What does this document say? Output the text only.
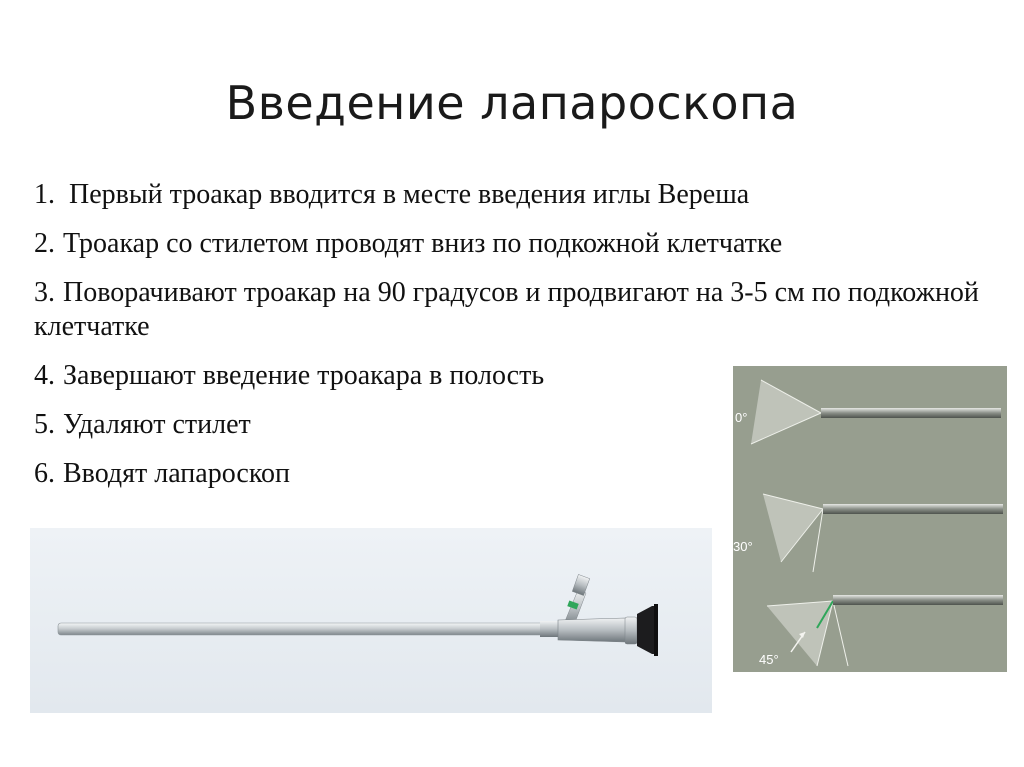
Введение лапароскопа
1. Первый троакар вводится в месте введения иглы Вереша
2. Троакар со стилетом проводят вниз по подкожной клетчатке
3. Поворачивают троакар на 90 градусов и продвигают на 3-5 см по подкожной клетчатке
4. Завершают введение троакара в полость
5. Удаляют стилет
6. Вводят лапароскоп
0°
30°
45°
